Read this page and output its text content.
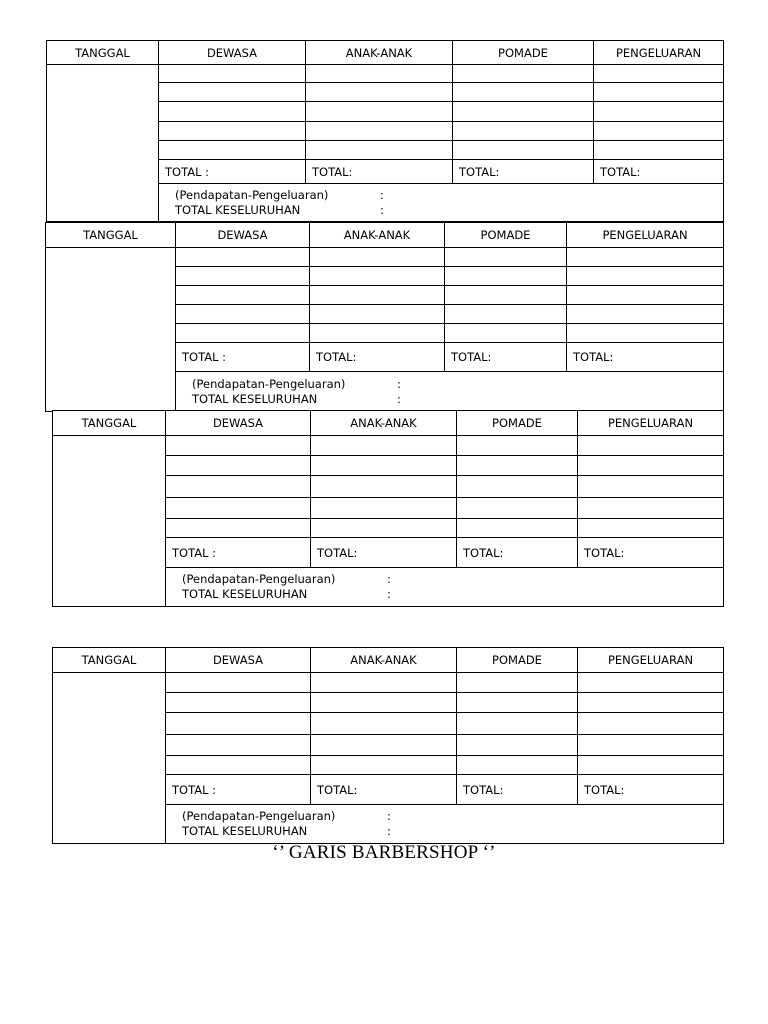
TANGGAL	DEWASA	ANAK-ANAK	POMADE	PENGELUARAN

	TOTAL :	TOTAL:	TOTAL:	TOTAL:

	(Pendapatan-Pengeluaran) :
TOTAL KESELURUHAN :			
TANGGAL	DEWASA	ANAK-ANAK	POMADE	PENGELUARAN

	TOTAL :	TOTAL:	TOTAL:	TOTAL:

	(Pendapatan-Pengeluaran) :
TOTAL KESELURUHAN :			
TANGGAL	DEWASA	ANAK-ANAK	POMADE	PENGELUARAN

	TOTAL :	TOTAL:	TOTAL:	TOTAL:

	(Pendapatan-Pengeluaran) :
TOTAL KESELURUHAN :			
TANGGAL	DEWASA	ANAK-ANAK	POMADE	PENGELUARAN

	TOTAL :	TOTAL:	TOTAL:	TOTAL:

	(Pendapatan-Pengeluaran) :
TOTAL KESELURUHAN :			
‘’ GARIS BARBERSHOP ‘’
